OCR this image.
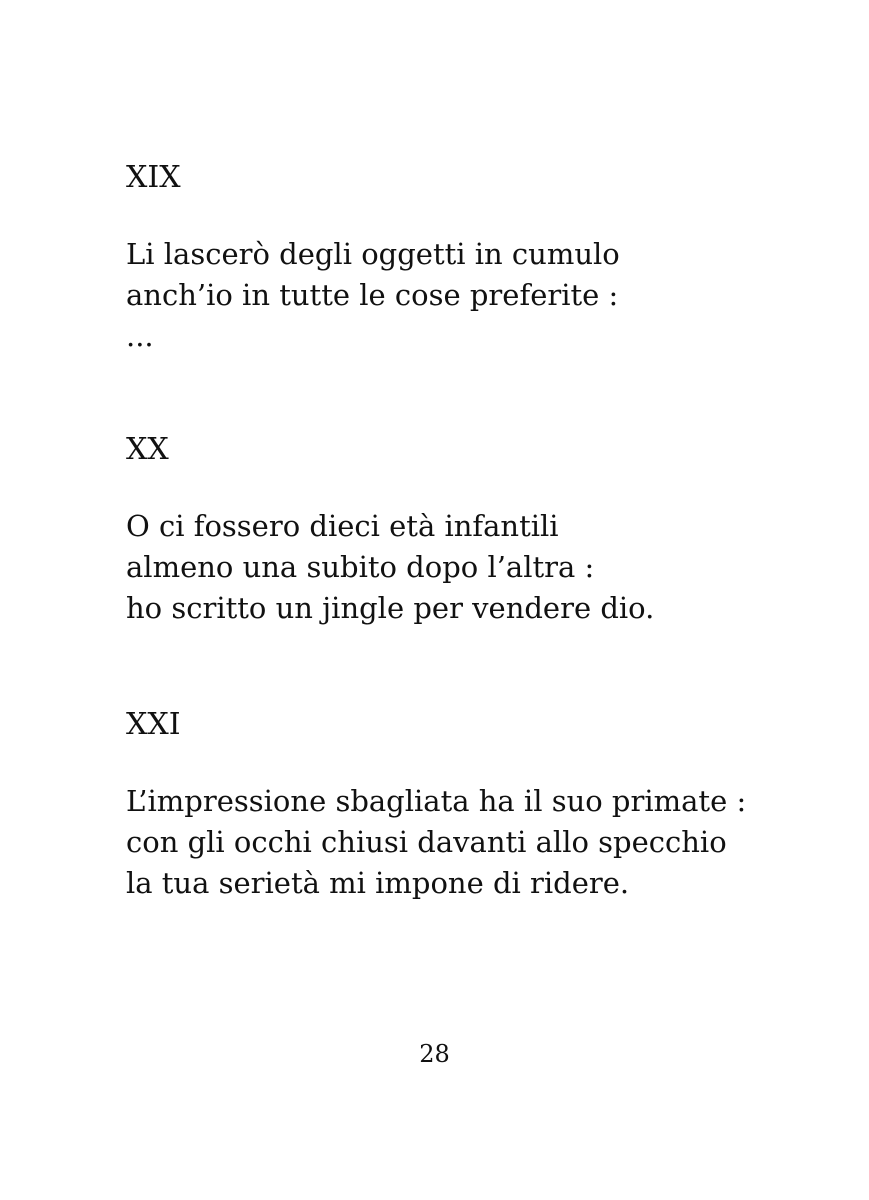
XIX

Li lascerò degli oggetti in cumulo
anch’io in tutte le cose preferite :
...

XX

O ci fossero dieci età infantili
almeno una subito dopo l’altra :
ho scritto un jingle per vendere dio.

XXI

L’impressione sbagliata ha il suo primate :
con gli occhi chiusi davanti allo specchio
la tua serietà mi impone di ridere.

28
